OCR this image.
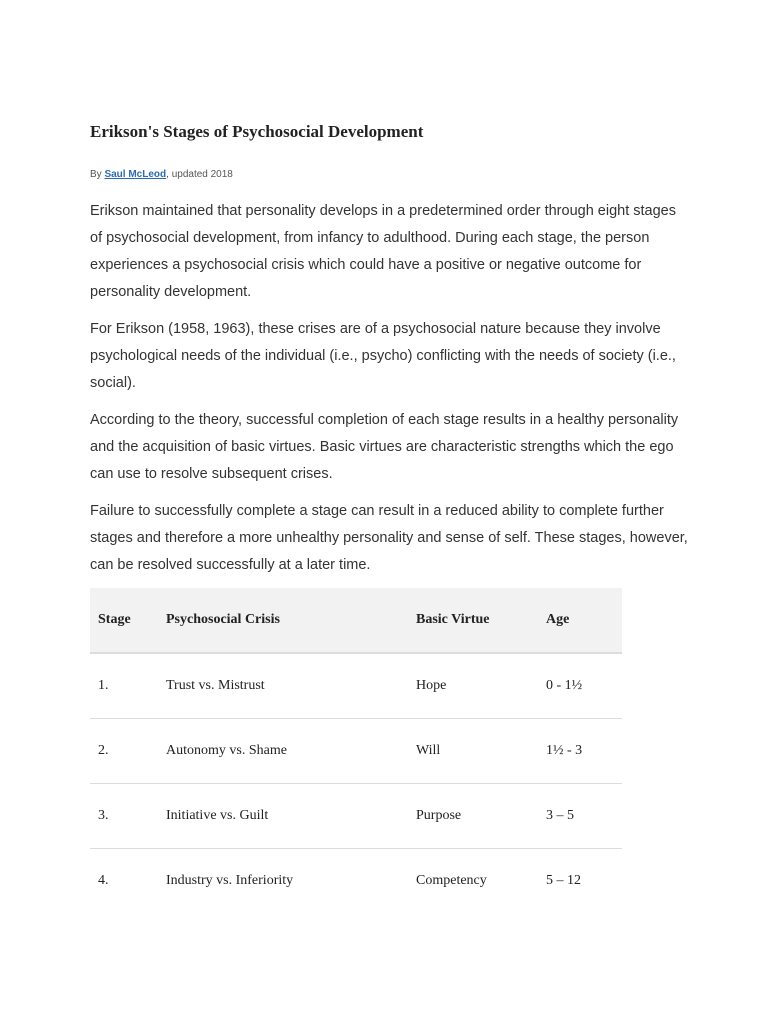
Erikson's Stages of Psychosocial Development
By Saul McLeod, updated 2018

Erikson maintained that personality develops in a predetermined order through eight stages of psychosocial development, from infancy to adulthood. During each stage, the person experiences a psychosocial crisis which could have a positive or negative outcome for personality development.

For Erikson (1958, 1963), these crises are of a psychosocial nature because they involve psychological needs of the individual (i.e., psycho) conflicting with the needs of society (i.e., social).

According to the theory, successful completion of each stage results in a healthy personality and the acquisition of basic virtues. Basic virtues are characteristic strengths which the ego can use to resolve subsequent crises.

Failure to successfully complete a stage can result in a reduced ability to complete further stages and therefore a more unhealthy personality and sense of self. These stages, however, can be resolved successfully at a later time.

Stage	Psychosocial Crisis	Basic Virtue	Age
1.	Trust vs. Mistrust	Hope	0 - 1½
2.	Autonomy vs. Shame	Will	1½ - 3
3.	Initiative vs. Guilt	Purpose	3 – 5
4.	Industry vs. Inferiority	Competency	5 – 12
